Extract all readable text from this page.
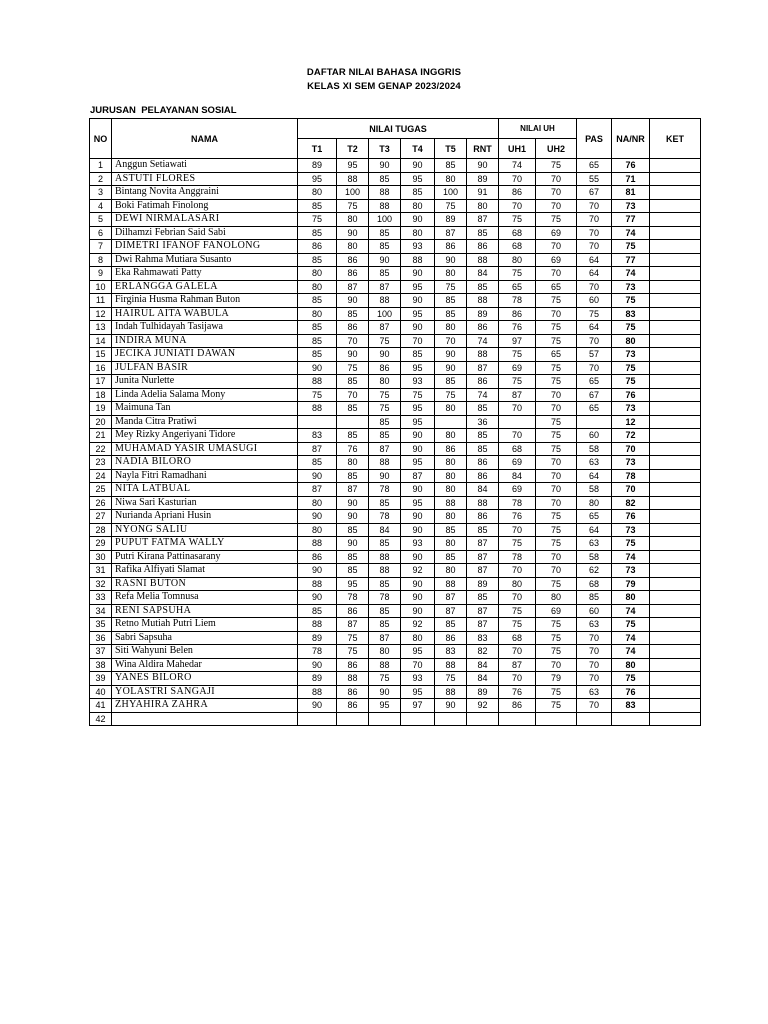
DAFTAR NILAI BAHASA INGGRIS
KELAS XI SEM GENAP 2023/2024
JURUSAN  PELAYANAN SOSIAL
NO	NAMA	NILAI TUGAS						NILAI UH		PAS	NA/NR	KET
		T1	T2	T3	T4	T5	RNT	UH1	UH2			
1	Anggun Setiawati	89	95	90	90	85	90	74	75	65	76	
2	ASTUTI FLORES	95	88	85	95	80	89	70	70	55	71	
3	Bintang Novita Anggraini	80	100	88	85	100	91	86	70	67	81	
4	Boki Fatimah Finolong	85	75	88	80	75	80	70	70	70	73	
5	DEWI NIRMALASARI	75	80	100	90	89	87	75	75	70	77	
6	Dilhamzi Febrian Said Sabi	85	90	85	80	87	85	68	69	70	74	
7	DIMETRI IFANOF FANOLONG	86	80	85	93	86	86	68	70	70	75	
8	Dwi Rahma Mutiara Susanto	85	86	90	88	90	88	80	69	64	77	
9	Eka Rahmawati Patty	80	86	85	90	80	84	75	70	64	74	
10	ERLANGGA GALELA	80	87	87	95	75	85	65	65	70	73	
11	Firginia Husma Rahman Buton	85	90	88	90	85	88	78	75	60	75	
12	HAIRUL AITA WABULA	80	85	100	95	85	89	86	70	75	83	
13	Indah Tulhidayah Tasijawa	85	86	87	90	80	86	76	75	64	75	
14	INDIRA MUNA	85	70	75	70	70	74	97	75	70	80	
15	JECIKA JUNIATI DAWAN	85	90	90	85	90	88	75	65	57	73	
16	JULFAN BASIR	90	75	86	95	90	87	69	75	70	75	
17	Junita Nurlette	88	85	80	93	85	86	75	75	65	75	
18	Linda Adelia Salama Mony	75	70	75	75	75	74	87	70	67	76	
19	Maimuna Tan	88	85	75	95	80	85	70	70	65	73	
20	Manda Citra Pratiwi			85	95		36		75		12	
21	Mey Rizky Angeriyani Tidore	83	85	85	90	80	85	70	75	60	72	
22	MUHAMAD YASIR UMASUGI	87	76	87	90	86	85	68	75	58	70	
23	NADIA BILORO	85	80	88	95	80	86	69	70	63	73	
24	Nayla Fitri Ramadhani	90	85	90	87	80	86	84	70	64	78	
25	NITA LATBUAL	87	87	78	90	80	84	69	70	58	70	
26	Niwa Sari Kasturian	80	90	85	95	88	88	78	70	80	82	
27	Nurianda Apriani Husin	90	90	78	90	80	86	76	75	65	76	
28	NYONG SALIU	80	85	84	90	85	85	70	75	64	73	
29	PUPUT FATMA WALLY	88	90	85	93	80	87	75	75	63	75	
30	Putri Kirana Pattinasarany	86	85	88	90	85	87	78	70	58	74	
31	Rafika Alfiyati Slamat	90	85	88	92	80	87	70	70	62	73	
32	RASNI BUTON	88	95	85	90	88	89	80	75	68	79	
33	Refa Melia Tomnusa	90	78	78	90	87	85	70	80	85	80	
34	RENI SAPSUHA	85	86	85	90	87	87	75	69	60	74	
35	Retno Mutiah Putri Liem	88	87	85	92	85	87	75	75	63	75	
36	Sabri Sapsuha	89	75	87	80	86	83	68	75	70	74	
37	Siti Wahyuni Belen	78	75	80	95	83	82	70	75	70	74	
38	Wina Aldira Mahedar	90	86	88	70	88	84	87	70	70	80	
39	YANES BILORO	89	88	75	93	75	84	70	79	70	75	
40	YOLASTRI SANGAJI	88	86	90	95	88	89	76	75	63	76	
41	ZHYAHIRA ZAHRA	90	86	95	97	90	92	86	75	70	83	
42												
